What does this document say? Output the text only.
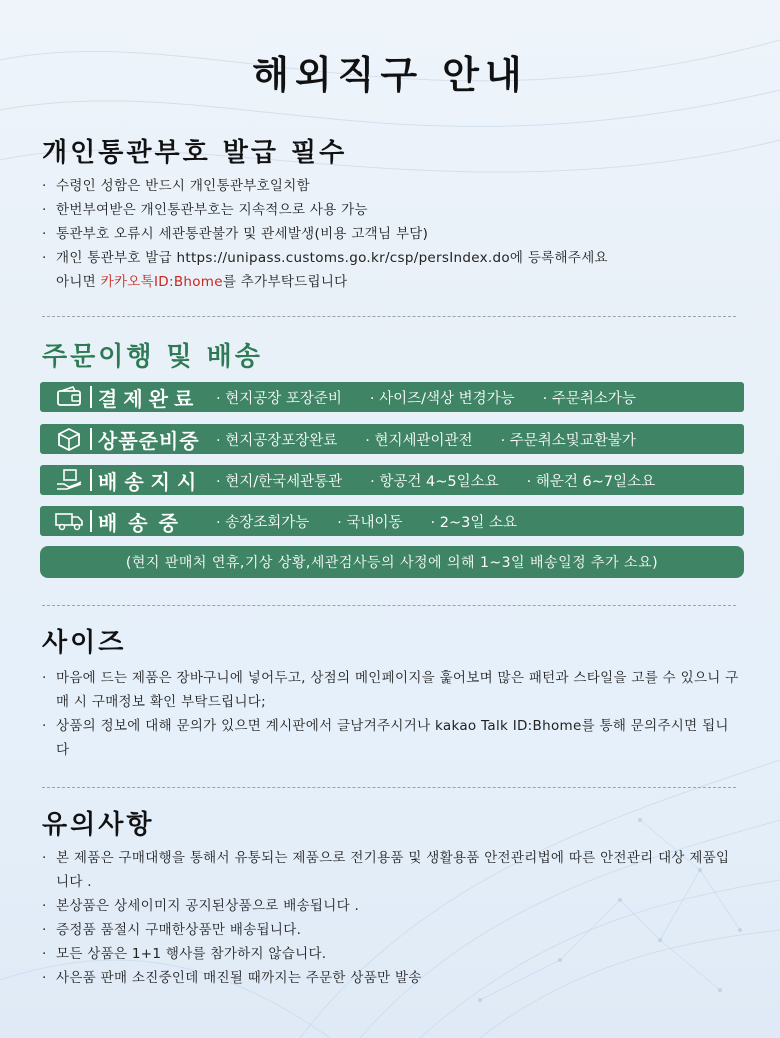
해외직구 안내
개인통관부호 발급 필수
· 수령인 성함은 반드시 개인통관부호일치함
· 한번부여받은 개인통관부호는 지속적으로 사용 가능
· 통관부호 오류시 세관통관불가 및 관세발생(비용 고객님 부담)
· 개인 통관부호 발급 https://unipass.customs.go.kr/csp/persIndex.do에 등록해주세요
아니면 카카오톡ID:Bhome를 추가부탁드립니다
주문이행 및 배송
결제완료	· 현지공장 포장준비 · 사이즈/색상 변경가능 · 주문취소가능
상품준비중	· 현지공장포장완료 · 현지세관이관전 · 주문취소및교환불가
배송지시 · 현지/한국세관통관 · 항공건 4~5일소요 · 해운건 6~7일소요
배 송 중	· 송장조회가능 · 국내이동 · 2~3일 소요
(현지 판매처 연휴,기상 상황,세관검사등의 사정에 의해 1~3일 배송일정 추가 소요)
사이즈
· 마음에 드는 제품은 장바구니에 넣어두고, 상점의 메인페이지을 훑어보며 많은 패턴과 스타일을 고를 수 있으니 구매 시 구매정보 확인 부탁드립니다;
· 상품의 정보에 대해 문의가 있으면 계시판에서 글남겨주시거나 kakao Talk ID:Bhome를 통해 문의주시면 됩니다
유의사항
· 본 제품은 구매대행을 통해서 유통되는 제품으로 전기용품 및 생활용품 안전관리법에 따른 안전관리 대상 제품입니다 .
· 본상품은 상세이미지 공지된상품으로 배송됩니다 .
· 증정품 품절시 구매한상품만 배송됩니다.
· 모든 상품은 1+1 행사를 참가하지 않습니다.
· 사은품 판매 소진중인데 매진될 때까지는 주문한 상품만 발송
